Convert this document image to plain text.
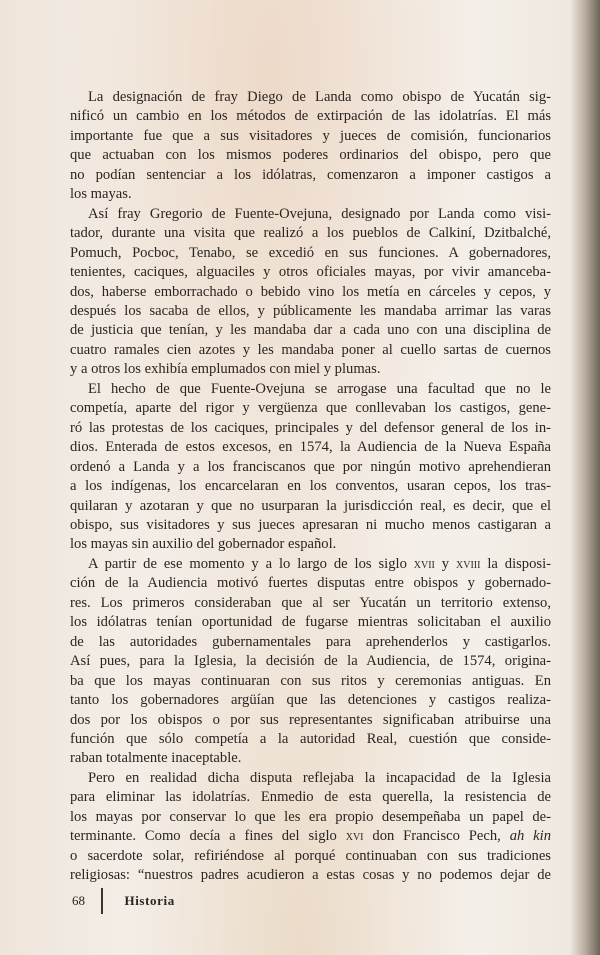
La designación de fray Diego de Landa como obispo de Yucatán sig-
nificó un cambio en los métodos de extirpación de las idolatrías. El más
importante fue que a sus visitadores y jueces de comisión, funcionarios
que actuaban con los mismos poderes ordinarios del obispo, pero que
no podían sentenciar a los idólatras, comenzaron a imponer castigos a
los mayas.

Así fray Gregorio de Fuente-Ovejuna, designado por Landa como visi-
tador, durante una visita que realizó a los pueblos de Calkiní, Dzitbalché,
Pomuch, Pocboc, Tenabo, se excedió en sus funciones. A gobernadores,
tenientes, caciques, alguaciles y otros oficiales mayas, por vivir amanceba-
dos, haberse emborrachado o bebido vino los metía en cárceles y cepos, y
después los sacaba de ellos, y públicamente les mandaba arrimar las varas
de justicia que tenían, y les mandaba dar a cada uno con una disciplina de
cuatro ramales cien azotes y les mandaba poner al cuello sartas de cuernos
y a otros los exhibía emplumados con miel y plumas.

El hecho de que Fuente-Ovejuna se arrogase una facultad que no le
competía, aparte del rigor y vergüenza que conllevaban los castigos, gene-
ró las protestas de los caciques, principales y del defensor general de los in-
dios. Enterada de estos excesos, en 1574, la Audiencia de la Nueva España
ordenó a Landa y a los franciscanos que por ningún motivo aprehendieran
a los indígenas, los encarcelaran en los conventos, usaran cepos, los tras-
quilaran y azotaran y que no usurparan la jurisdicción real, es decir, que el
obispo, sus visitadores y sus jueces apresaran ni mucho menos castigaran a
los mayas sin auxilio del gobernador español.

A partir de ese momento y a lo largo de los siglo xvii y xviii la disposi-
ción de la Audiencia motivó fuertes disputas entre obispos y gobernado-
res. Los primeros consideraban que al ser Yucatán un territorio extenso,
los idólatras tenían oportunidad de fugarse mientras solicitaban el auxilio
de las autoridades gubernamentales para aprehenderlos y castigarlos.
Así pues, para la Iglesia, la decisión de la Audiencia, de 1574, origina-
ba que los mayas continuaran con sus ritos y ceremonias antiguas. En
tanto los gobernadores argüían que las detenciones y castigos realiza-
dos por los obispos o por sus representantes significaban atribuirse una
función que sólo competía a la autoridad Real, cuestión que conside-
raban totalmente inaceptable.

Pero en realidad dicha disputa reflejaba la incapacidad de la Iglesia
para eliminar las idolatrías. Enmedio de esta querella, la resistencia de
los mayas por conservar lo que les era propio desempeñaba un papel de-
terminante. Como decía a fines del siglo xvi don Francisco Pech, ah kin
o sacerdote solar, refiriéndose al porqué continuaban con sus tradiciones
religiosas: “nuestros padres acudieron a estas cosas y no podemos dejar de

68	Historia
